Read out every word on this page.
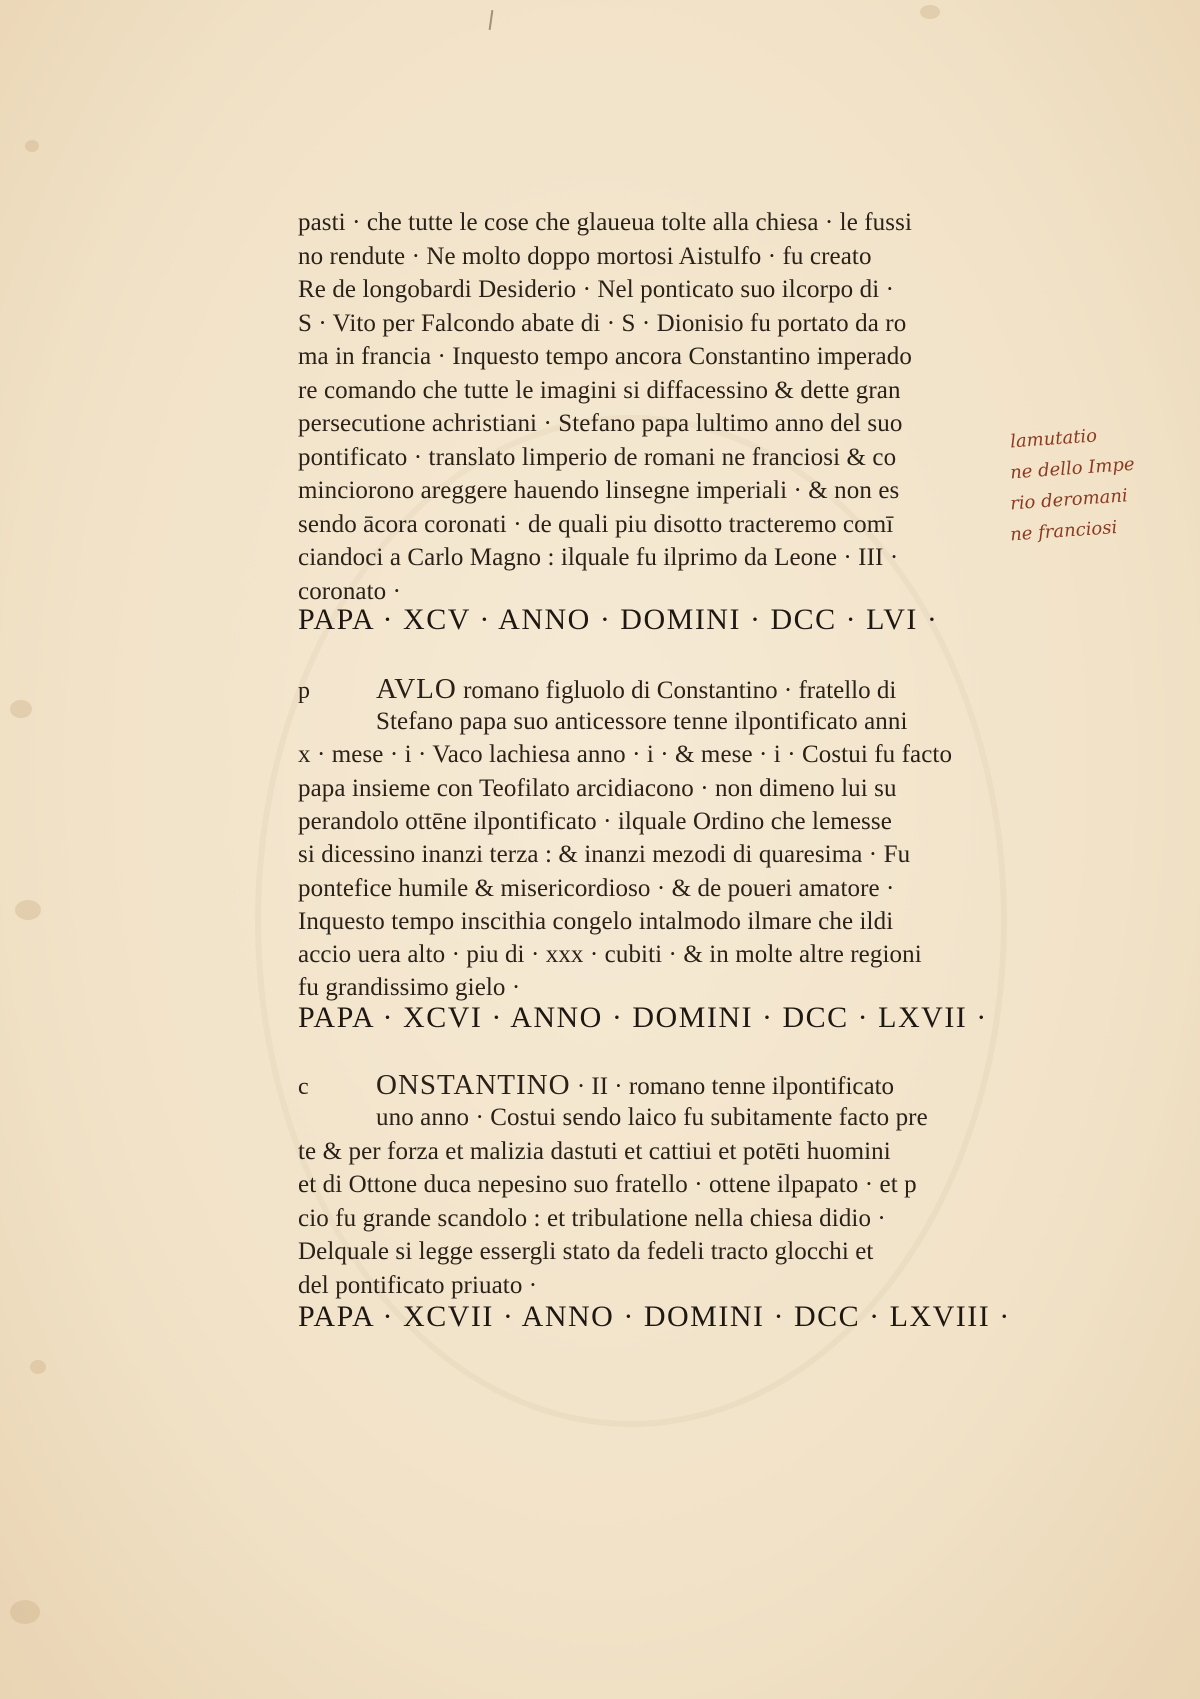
pasti · che tutte le cose che glaueua tolte alla chiesa · le fussi
no rendute · Ne molto doppo mortosi Aistulfo · fu creato
Re de longobardi Desiderio · Nel ponticato suo ilcorpo di ·
S · Vito per Falcondo abate di · S · Dionisio fu portato da ro
ma in francia · Inquesto tempo ancora Constantino imperado
re comando che tutte le imagini si diffacessino & dette gran
persecutione achristiani · Stefano papa lultimo anno del suo
pontificato · translato limperio de romani ne franciosi & co
minciorono areggere hauendo linsegne imperiali · & non es
sendo ācora coronati · de quali piu disotto tracteremo comī
ciandoci a Carlo Magno : ilquale fu ilprimo da Leone · III ·
coronato ·
PAPA · XCV · ANNO · DOMINI · DCC · LVI ·
p AVLO romano figluolo di Constantino · fratello di
Stefano papa suo anticessore tenne ilpontificato anni
x · mese · i · Vaco lachiesa anno · i · & mese · i · Costui fu facto
papa insieme con Teofilato arcidiacono · non dimeno lui su
perandolo ottēne ilpontificato · ilquale Ordino che lemesse
si dicessino inanzi terza : & inanzi mezodi di quaresima · Fu
pontefice humile & misericordioso · & de poueri amatore ·
Inquesto tempo inscithia congelo intalmodo ilmare che ildi
accio uera alto · piu di · xxx · cubiti · & in molte altre regioni
fu grandissimo gielo ·
PAPA · XCVI · ANNO · DOMINI · DCC · LXVII ·
c	ONSTANTINO · II · romano tenne ilpontificato
uno anno · Costui sendo laico fu subitamente facto pre
te & per forza et malizia dastuti et cattiui et potēti huomini
et di Ottone duca nepesino suo fratello · ottene ilpapato · et p
cio fu grande scandolo : et tribulatione nella chiesa didio ·
Delquale si legge essergli stato da fedeli tracto glocchi et
del pontificato priuato ·
PAPA · XCVII · ANNO · DOMINI · DCC · LXVIII ·
lamutatio
ne dello Impe
rio deromani
ne franciosi
